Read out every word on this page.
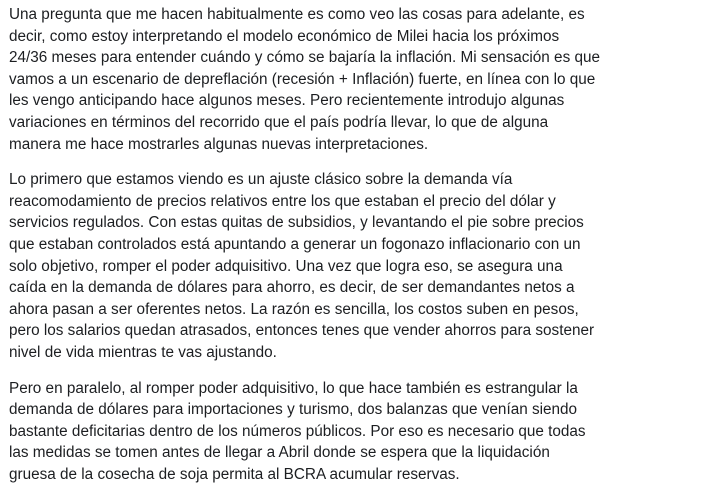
Una pregunta que me hacen habitualmente es como veo las cosas para adelante, es
decir, como estoy interpretando el modelo económico de Milei hacia los próximos
24/36 meses para entender cuándo y cómo se bajaría la inflación. Mi sensación es que
vamos a un escenario de depreflación (recesión + Inflación) fuerte, en línea con lo que
les vengo anticipando hace algunos meses. Pero recientemente introdujo algunas
variaciones en términos del recorrido que el país podría llevar, lo que de alguna
manera me hace mostrarles algunas nuevas interpretaciones.

Lo primero que estamos viendo es un ajuste clásico sobre la demanda vía
reacomodamiento de precios relativos entre los que estaban el precio del dólar y
servicios regulados. Con estas quitas de subsidios, y levantando el pie sobre precios
que estaban controlados está apuntando a generar un fogonazo inflacionario con un
solo objetivo, romper el poder adquisitivo. Una vez que logra eso, se asegura una
caída en la demanda de dólares para ahorro, es decir, de ser demandantes netos a
ahora pasan a ser oferentes netos. La razón es sencilla, los costos suben en pesos,
pero los salarios quedan atrasados, entonces tenes que vender ahorros para sostener
nivel de vida mientras te vas ajustando.

Pero en paralelo, al romper poder adquisitivo, lo que hace también es estrangular la
demanda de dólares para importaciones y turismo, dos balanzas que venían siendo
bastante deficitarias dentro de los números públicos. Por eso es necesario que todas
las medidas se tomen antes de llegar a Abril donde se espera que la liquidación
gruesa de la cosecha de soja permita al BCRA acumular reservas.
